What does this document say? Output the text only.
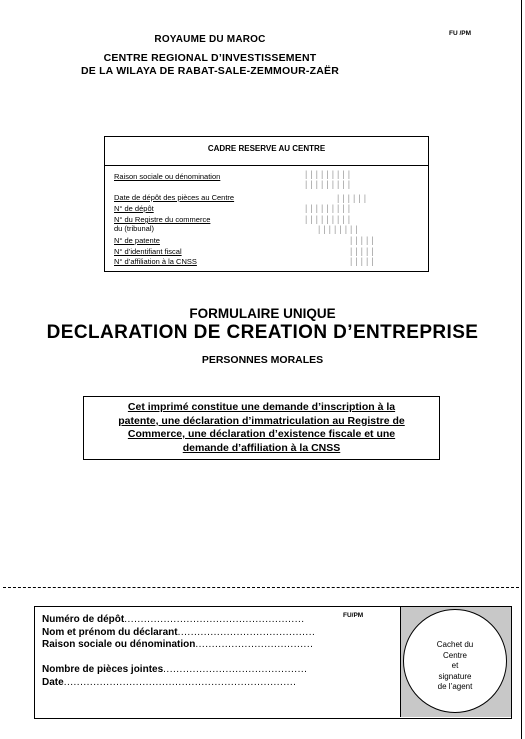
ROYAUME DU MAROC
CENTRE REGIONAL D’INVESTISSEMENT
DE LA WILAYA DE RABAT-SALE-ZEMMOUR-ZAËR
FU /PM
CADRE RESERVE AU CENTRE
Raison sociale ou dénomination
Date de dépôt des pièces au Centre
N° de dépôt
N° du Registre du commerce
du (tribunal)
N° de patente
N° d’identifiant fiscal
N° d’affiliation à la CNSS
|||||||||
|||||||||
||||||
|||||||||
|||||||||
||||||||
|||||
|||||
|||||
FORMULAIRE UNIQUE
DECLARATION DE CREATION D’ENTREPRISE
PERSONNES MORALES
Cet imprimé constitue une demande d’inscription à la
patente, une déclaration d’immatriculation au Registre de
Commerce, une déclaration d’existence fiscale et une
demande d’affiliation à la CNSS
FU/PM
Numéro de dépôt.......................................................
Nom et prénom du déclarant..........................................
Raison sociale ou dénomination....................................
Nombre de pièces jointes............................................
Date.......................................................................
Cachet du
Centre
et
signature
de l’agent
